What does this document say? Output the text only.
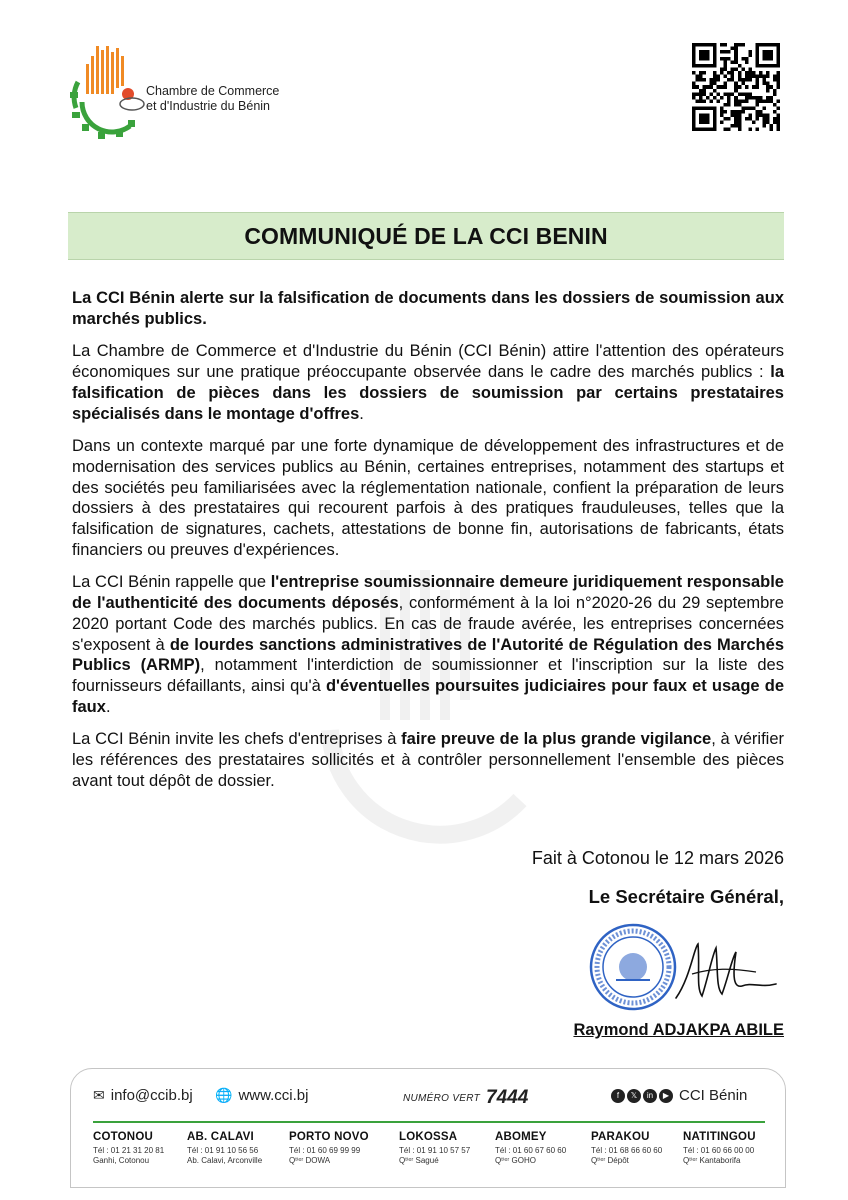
Chambre de Commerce
et d'Industrie du Bénin
COMMUNIQUÉ DE LA CCI BENIN

La CCI Bénin alerte sur la falsification de documents dans les dossiers de soumission aux marchés publics.

La Chambre de Commerce et d'Industrie du Bénin (CCI Bénin) attire l'attention des opérateurs économiques sur une pratique préoccupante observée dans le cadre des marchés publics : la falsification de pièces dans les dossiers de soumission par certains prestataires spécialisés dans le montage d'offres.

Dans un contexte marqué par une forte dynamique de développement des infrastructures et de modernisation des services publics au Bénin, certaines entreprises, notamment des startups et des sociétés peu familiarisées avec la réglementation nationale, confient la préparation de leurs dossiers à des prestataires qui recourent parfois à des pratiques frauduleuses, telles que la falsification de signatures, cachets, attestations de bonne fin, autorisations de fabricants, états financiers ou preuves d'expériences.

La CCI Bénin rappelle que l'entreprise soumissionnaire demeure juridiquement responsable de l'authenticité des documents déposés, conformément à la loi n°2020-26 du 29 septembre 2020 portant Code des marchés publics. En cas de fraude avérée, les entreprises concernées s'exposent à de lourdes sanctions administratives de l'Autorité de Régulation des Marchés Publics (ARMP), notamment l'interdiction de soumissionner et l'inscription sur la liste des fournisseurs défaillants, ainsi qu'à d'éventuelles poursuites judiciaires pour faux et usage de faux.

La CCI Bénin invite les chefs d'entreprises à faire preuve de la plus grande vigilance, à vérifier les références des prestataires sollicités et à contrôler personnellement l'ensemble des pièces avant tout dépôt de dossier.

Fait à Cotonou le 12 mars 2026
Le Secrétaire Général,
Raymond ADJAKPA ABILE
✉ info@ccib.bj 🌐 www.cci.bj	NUMÉRO VERT 7444	f	𝕏	in	▶ CCI Bénin
COTONOU
Tél : 01 21 31 20 81
Ganhi, Cotonou
AB. CALAVI
Tél : 01 91 10 56 56
Ab. Calavi, Arconville
PORTO NOVO
Tél : 01 60 69 99 99
Qᵗⁱᵉʳ DOWA
LOKOSSA
Tél : 01 91 10 57 57
Qᵗⁱᵉʳ Sagué
ABOMEY
Tél : 01 60 67 60 60
Qᵗⁱᵉʳ GOHO
PARAKOU
Tél : 01 68 66 60 60
Qᵗⁱᵉʳ Dépôt
NATITINGOU
Tél : 01 60 66 00 00
Qᵗⁱᵉʳ Kantaborifa
